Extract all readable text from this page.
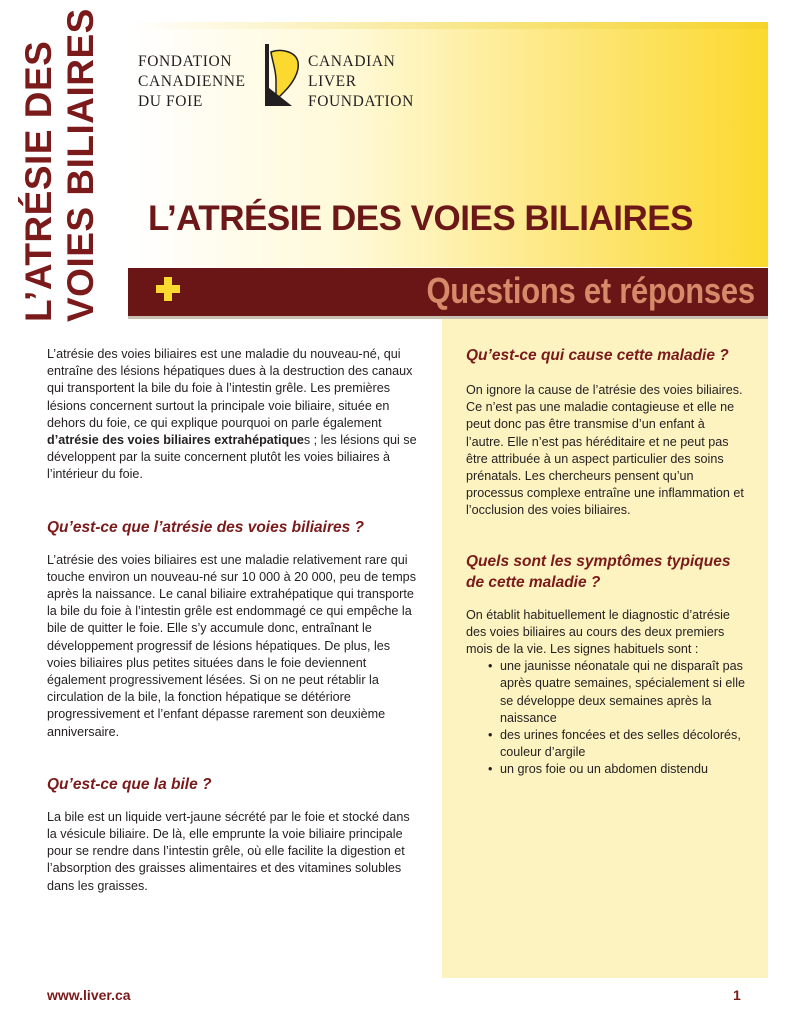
L’ATRÉSIE DES VOIES BILIAIRES FONDATION
CANADIENNE
DU FOIE
CANADIAN
LIVER
FOUNDATION
L’ATRÉSIE DES VOIES BILIAIRES
Questions et réponses

L’atrésie des voies biliaires est une maladie du nouveau-né, qui entraîne des lésions hépatiques dues à la destruction des canaux qui transportent la bile du foie à l’intestin grêle. Les premières lésions concernent surtout la principale voie biliaire, située en dehors du foie, ce qui explique pourquoi on parle également d’atrésie des voies biliaires extrahépatiques ; les lésions qui se développent par la suite concernent plutôt les voies biliaires à l’intérieur du foie.

Qu’est-ce que l’atrésie des voies biliaires ?

L’atrésie des voies biliaires est une maladie relativement rare qui touche environ un nouveau-né sur 10 000 à 20 000, peu de temps après la naissance. Le canal biliaire extrahépatique qui transporte la bile du foie à l’intestin grêle est endommagé ce qui empêche la bile de quitter le foie. Elle s’y accumule donc, entraînant le développement progressif de lésions hépatiques. De plus, les voies biliaires plus petites situées dans le foie deviennent également progressivement lésées. Si on ne peut rétablir la circulation de la bile, la fonction hépatique se détériore progressivement et l’enfant dépasse rarement son deuxième anniversaire.

Qu’est-ce que la bile ?

La bile est un liquide vert-jaune sécrété par le foie et stocké dans la vésicule biliaire. De là, elle emprunte la voie biliaire principale pour se rendre dans l’intestin grêle, où elle facilite la digestion et l’absorption des graisses alimentaires et des vitamines solubles dans les graisses.

Qu’est-ce qui cause cette maladie ?

On ignore la cause de l’atrésie des voies biliaires. Ce n’est pas une maladie contagieuse et elle ne peut donc pas être transmise d’un enfant à l’autre. Elle n’est pas héréditaire et ne peut pas être attribuée à un aspect particulier des soins prénatals. Les chercheurs pensent qu’un processus complexe entraîne une inflammation et l’occlusion des voies biliaires.

Quels sont les symptômes typiques de cette maladie ?

On établit habituellement le diagnostic d’atrésie des voies biliaires au cours des deux premiers mois de la vie. Les signes habituels sont :

• une jaunisse néonatale qui ne disparaît pas après quatre semaines, spécialement si elle se développe deux semaines après la naissance
• des urines foncées et des selles décolorés, couleur d’argile
• un gros foie ou un abdomen distendu
www.liver.ca	1
